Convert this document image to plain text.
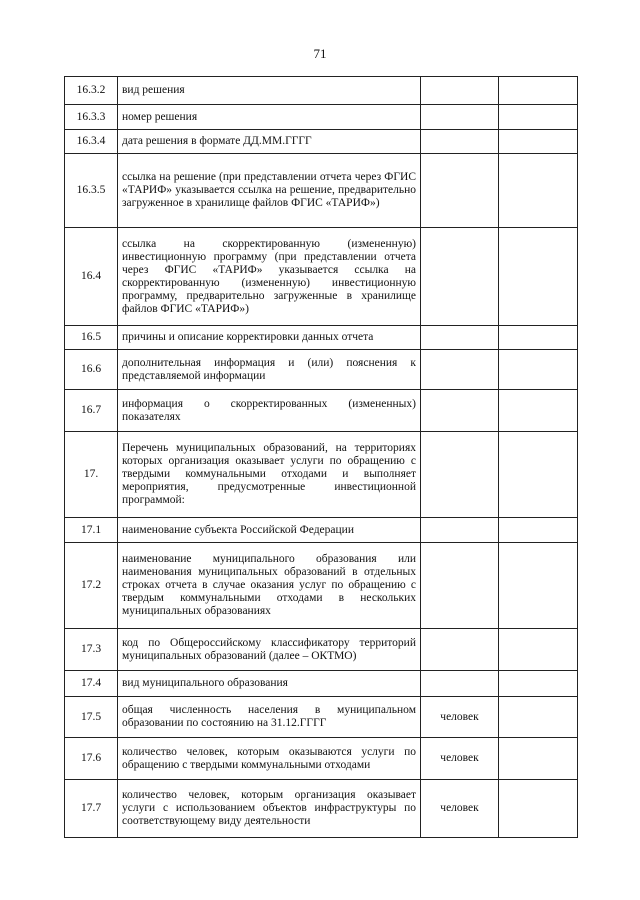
71
16.3.2	вид решения		
16.3.3	номер решения		
16.3.4	дата решения в формате ДД.ММ.ГГГГ		
16.3.5	ссылка на решение (при представлении отчета через ФГИС «ТАРИФ» указывается ссылка на решение, предварительно загруженное в хранилище файлов ФГИС «ТАРИФ»)		
16.4	ссылка на скорректированную (измененную) инвестиционную программу (при представлении отчета через ФГИС «ТАРИФ» указывается ссылка на скорректированную (измененную) инвестиционную программу, предварительно загруженные в хранилище файлов ФГИС «ТАРИФ»)		
16.5	причины и описание корректировки данных отчета		
16.6	дополнительная информация и (или) пояснения к представляемой информации		
16.7	информация о скорректированных (измененных) показателях		
17.	Перечень муниципальных образований, на территориях которых организация оказывает услуги по обращению с твердыми коммунальными отходами и выполняет мероприятия, предусмотренные инвестиционной программой:		
17.1	наименование субъекта Российской Федерации		
17.2	наименование муниципального образования или наименования муниципальных образований в отдельных строках отчета в случае оказания услуг по обращению с твердым коммунальными отходами в нескольких муниципальных образованиях		
17.3	код по Общероссийскому классификатору территорий муниципальных образований (далее – ОКТМО)		
17.4	вид муниципального образования		
17.5	общая численность населения в муниципальном образовании по состоянию на 31.12.ГГГГ	человек	
17.6	количество человек, которым оказываются услуги по обращению с твердыми коммунальными отходами	человек	
17.7	количество человек, которым организация оказывает услуги с использованием объектов инфраструктуры по соответствующему виду деятельности	человек	
